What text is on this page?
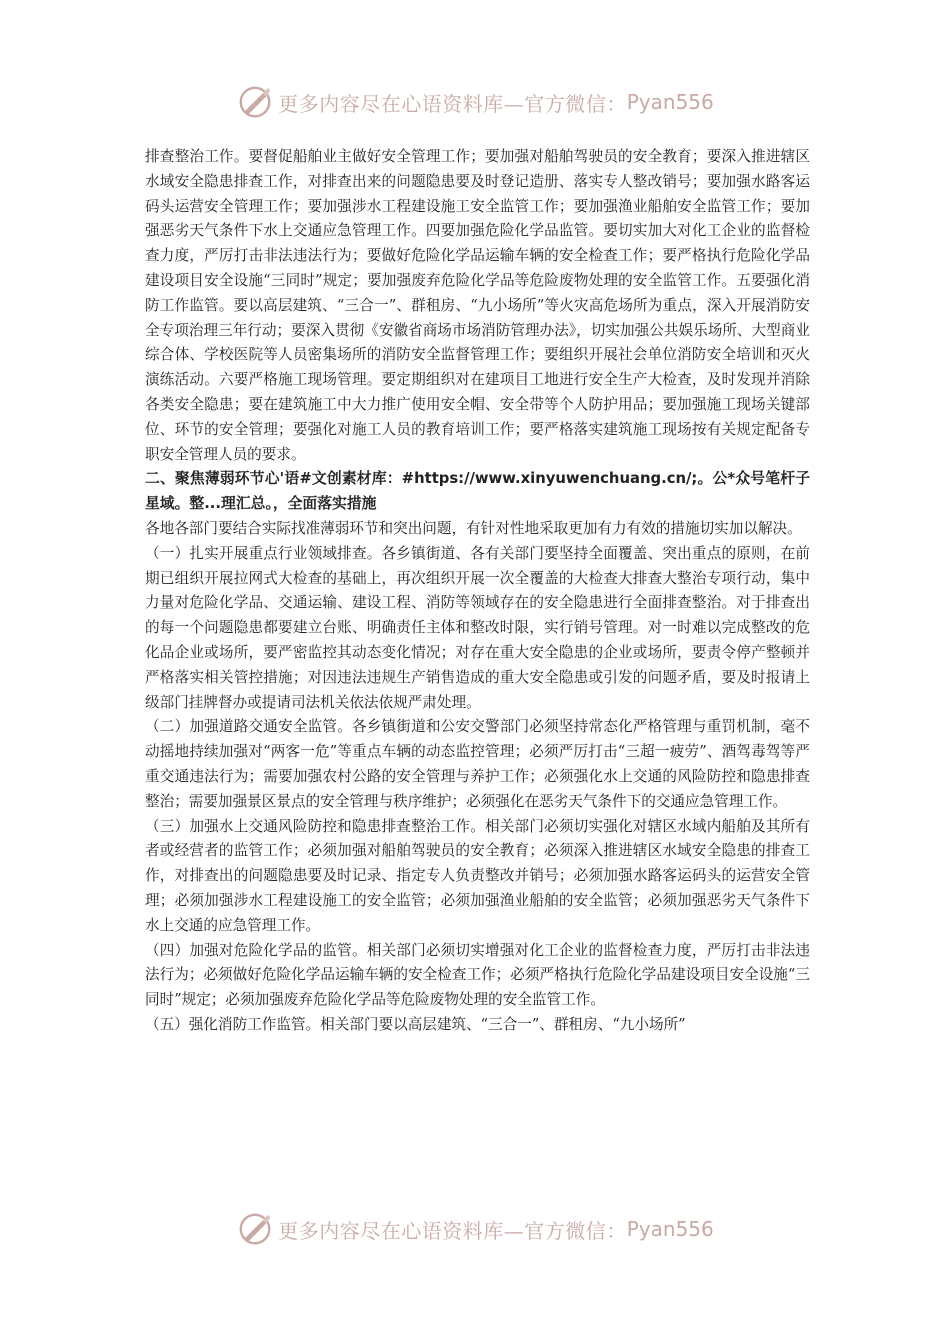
更多内容尽在心语资料库—官方微信： Pyan556

排查整治工作。要督促船舶业主做好安全管理工作；要加强对船舶驾驶员的安全教育；要深入推进辖区水域安全隐患排查工作，对排查出来的问题隐患要及时登记造册、落实专人整改销号；要加强水路客运码头运营安全管理工作；要加强涉水工程建设施工安全监管工作；要加强渔业船舶安全监管工作；要加强恶劣天气条件下水上交通应急管理工作。四要加强危险化学品监管。要切实加大对化工企业的监督检查力度，严厉打击非法违法行为；要做好危险化学品运输车辆的安全检查工作；要严格执行危险化学品建设项目安全设施“三同时”规定；要加强废弃危险化学品等危险废物处理的安全监管工作。五要强化消防工作监管。要以高层建筑、“三合一”、群租房、“九小场所”等火灾高危场所为重点，深入开展消防安全专项治理三年行动；要深入贯彻《安徽省商场市场消防管理办法》，切实加强公共娱乐场所、大型商业综合体、学校医院等人员密集场所的消防安全监督管理工作；要组织开展社会单位消防安全培训和灭火演练活动。六要严格施工现场管理。要定期组织对在建项目工地进行安全生产大检查，及时发现并消除各类安全隐患；要在建筑施工中大力推广使用安全帽、安全带等个人防护用品；要加强施工现场关键部位、环节的安全管理；要强化对施工人员的教育培训工作；要严格落实建筑施工现场按有关规定配备专职安全管理人员的要求。

二、聚焦薄弱环节心'语#文创素材库：#https://www.xinyuwenchuang.cn/;。公*众号笔杆子星域。整...理汇总。，全面落实措施

各地各部门要结合实际找准薄弱环节和突出问题，有针对性地采取更加有力有效的措施切实加以解决。

（一）扎实开展重点行业领域排查。各乡镇街道、各有关部门要坚持全面覆盖、突出重点的原则，在前期已组织开展拉网式大检查的基础上，再次组织开展一次全覆盖的大检查大排查大整治专项行动，集中力量对危险化学品、交通运输、建设工程、消防等领域存在的安全隐患进行全面排查整治。对于排查出的每一个问题隐患都要建立台账、明确责任主体和整改时限，实行销号管理。对一时难以完成整改的危化品企业或场所，要严密监控其动态变化情况；对存在重大安全隐患的企业或场所，要责令停产整顿并严格落实相关管控措施；对因违法违规生产销售造成的重大安全隐患或引发的问题矛盾，要及时报请上级部门挂牌督办或提请司法机关依法依规严肃处理。

（二）加强道路交通安全监管。各乡镇街道和公安交警部门必须坚持常态化严格管理与重罚机制，毫不动摇地持续加强对“两客一危”等重点车辆的动态监控管理；必须严厉打击“三超一疲劳”、酒驾毒驾等严重交通违法行为；需要加强农村公路的安全管理与养护工作；必须强化水上交通的风险防控和隐患排查整治；需要加强景区景点的安全管理与秩序维护；必须强化在恶劣天气条件下的交通应急管理工作。

（三）加强水上交通风险防控和隐患排查整治工作。相关部门必须切实强化对辖区水域内船舶及其所有者或经营者的监管工作；必须加强对船舶驾驶员的安全教育；必须深入推进辖区水域安全隐患的排查工作，对排查出的问题隐患要及时记录、指定专人负责整改并销号；必须加强水路客运码头的运营安全管理；必须加强涉水工程建设施工的安全监管；必须加强渔业船舶的安全监管；必须加强恶劣天气条件下水上交通的应急管理工作。

（四）加强对危险化学品的监管。相关部门必须切实增强对化工企业的监督检查力度，严厉打击非法违法行为；必须做好危险化学品运输车辆的安全检查工作；必须严格执行危险化学品建设项目安全设施“三同时”规定；必须加强废弃危险化学品等危险废物处理的安全监管工作。

（五）强化消防工作监管。相关部门要以高层建筑、“三合一”、群租房、“九小场所”

更多内容尽在心语资料库—官方微信： Pyan556
